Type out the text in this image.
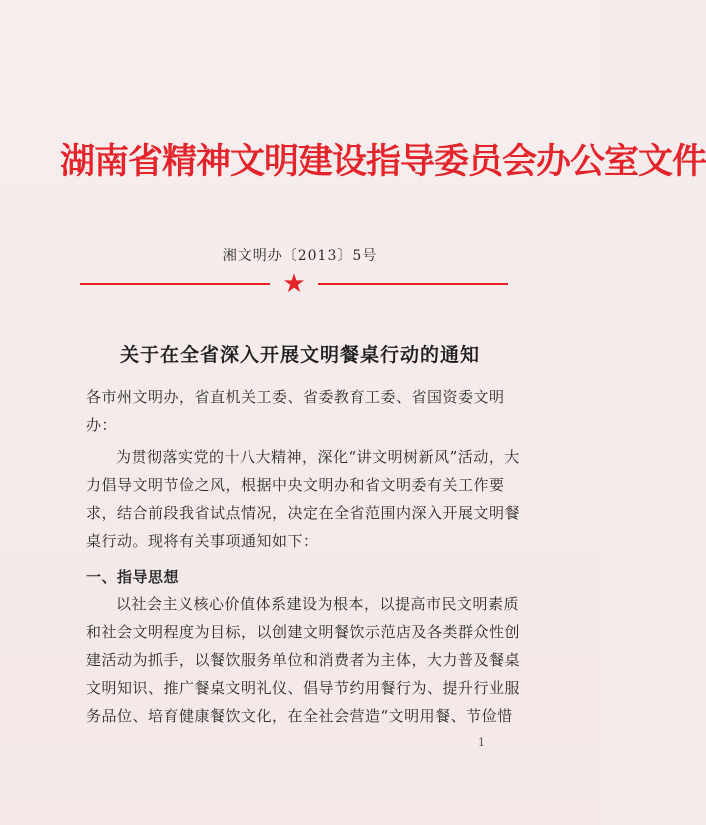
湖南省精神文明建设指导委员会办公室文件
湘文明办〔2013〕5号
★
关于在全省深入开展文明餐桌行动的通知
各市州文明办，省直机关工委、省委教育工委、省国资委文明办：
为贯彻落实党的十八大精神，深化“讲文明树新风”活动，大力倡导文明节俭之风，根据中央文明办和省文明委有关工作要求，结合前段我省试点情况，决定在全省范围内深入开展文明餐桌行动。现将有关事项通知如下：
一、指导思想
以社会主义核心价值体系建设为根本，以提高市民文明素质和社会文明程度为目标，以创建文明餐饮示范店及各类群众性创建活动为抓手，以餐饮服务单位和消费者为主体，大力普及餐桌文明知识、推广餐桌文明礼仪、倡导节约用餐行为、提升行业服务品位、培育健康餐饮文化，在全社会营造“文明用餐、节俭惜
1
